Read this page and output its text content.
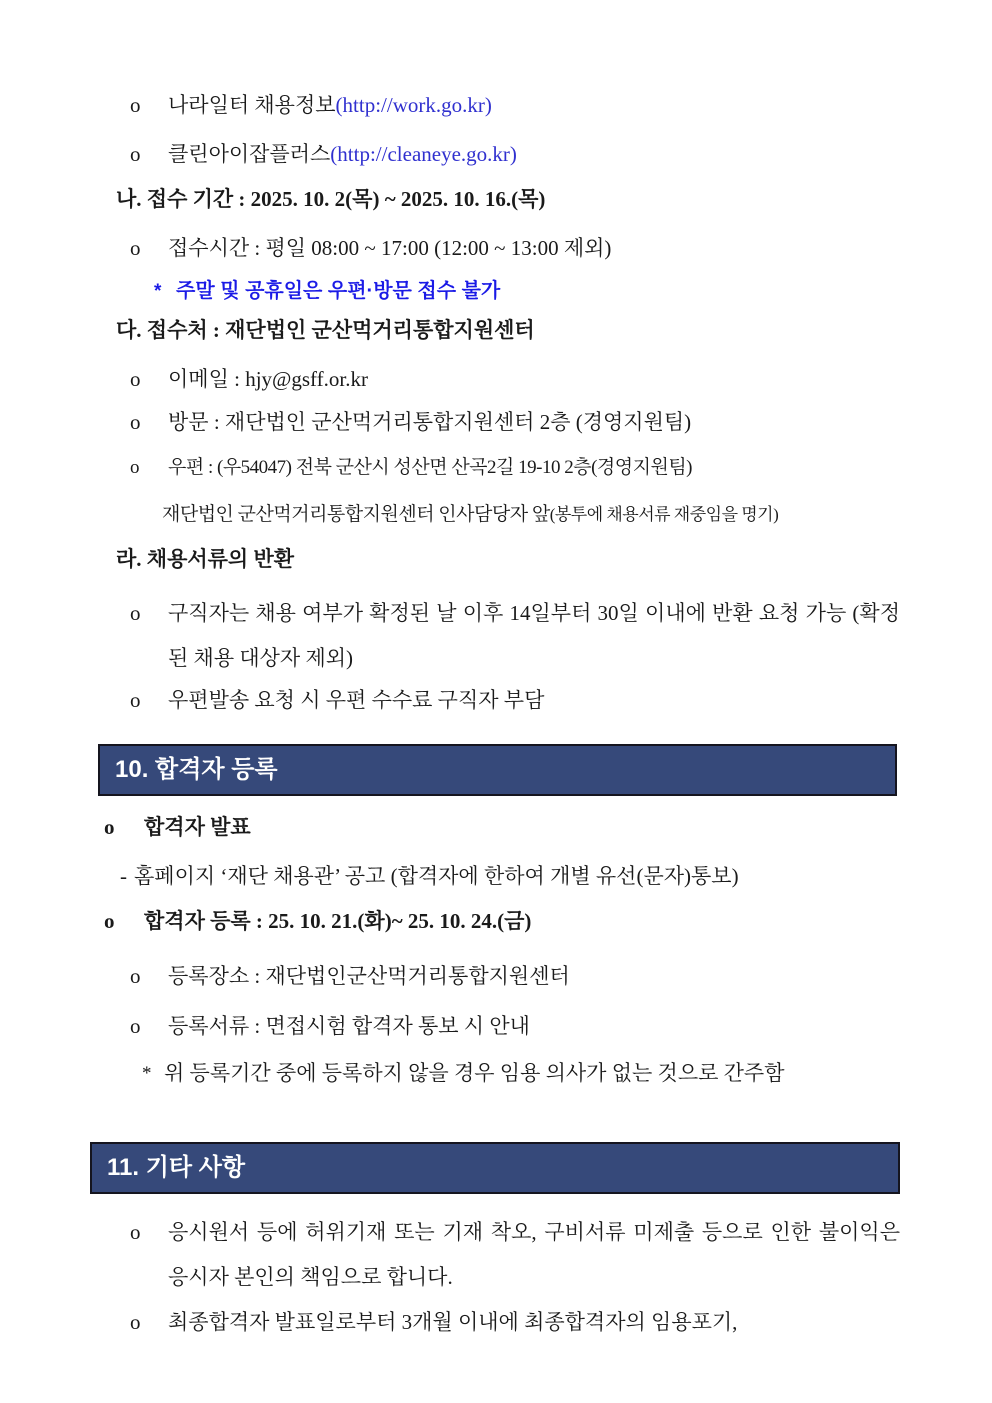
o	나라일터 채용정보(http://work.go.kr)
o	클린아이잡플러스(http://cleaneye.go.kr)
나. 접수 기간 : 2025. 10. 2(목) ~ 2025. 10. 16.(목)
o	접수시간 : 평일 08:00 ~ 17:00 (12:00 ~ 13:00 제외)
* 주말 및 공휴일은 우편·방문 접수 불가
다. 접수처 : 재단법인 군산먹거리통합지원센터
o	이메일 : hjy@gsff.or.kr
o	방문 : 재단법인 군산먹거리통합지원센터 2층 (경영지원팀)
o	우편 : (우54047) 전북 군산시 성산면 산곡2길 19-10 2층(경영지원팀)
재단법인 군산먹거리통합지원센터 인사담당자 앞(봉투에 채용서류 재중임을 명기)
라. 채용서류의 반환
o	구직자는 채용 여부가 확정된 날 이후 14일부터 30일 이내에 반환 요청 가능 (확정된 채용 대상자 제외)
o	우편발송 요청 시 우편 수수료 구직자 부담
10. 합격자 등록
o	합격자 발표
- 홈페이지 ‘재단 채용관’ 공고 (합격자에 한하여 개별 유선(문자)통보)
o	합격자 등록 : 25. 10. 21.(화)~ 25. 10. 24.(금)
o	등록장소 : 재단법인군산먹거리통합지원센터
o	등록서류 : 면접시험 합격자 통보 시 안내
* 위 등록기간 중에 등록하지 않을 경우 임용 의사가 없는 것으로 간주함
11. 기타 사항
o	응시원서 등에 허위기재 또는 기재 착오, 구비서류 미제출 등으로 인한 불이익은 응시자 본인의 책임으로 합니다.
o	최종합격자 발표일로부터 3개월 이내에 최종합격자의 임용포기,
